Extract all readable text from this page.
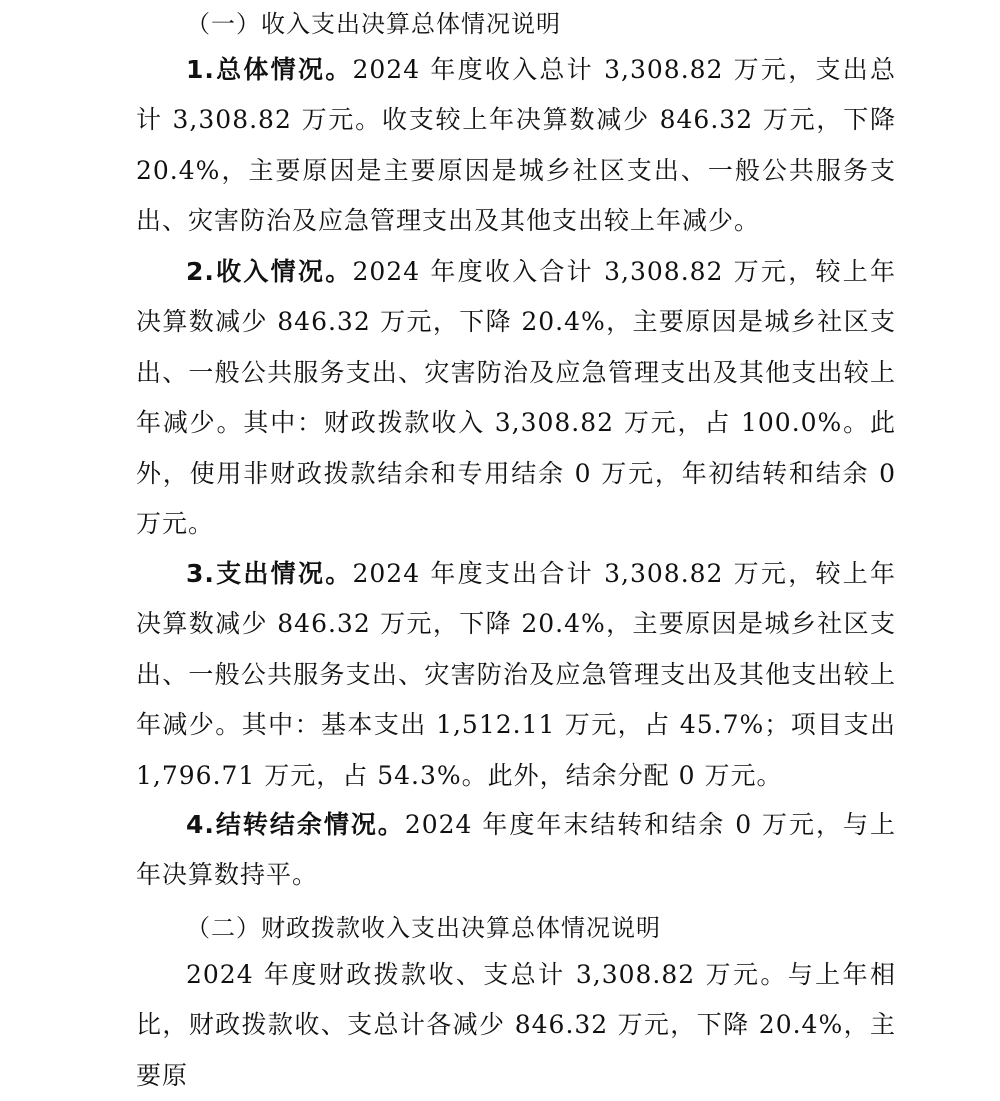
（一）收入支出决算总体情况说明
1.总体情况。2024 年度收入总计 3,308.82 万元，支出总计 3,308.82 万元。收支较上年决算数减少 846.32 万元，下降 20.4%，主要原因是主要原因是城乡社区支出、一般公共服务支出、灾害防治及应急管理支出及其他支出较上年减少。
2.收入情况。2024 年度收入合计 3,308.82 万元，较上年决算数减少 846.32 万元，下降 20.4%，主要原因是城乡社区支出、一般公共服务支出、灾害防治及应急管理支出及其他支出较上年减少。其中：财政拨款收入 3,308.82 万元，占 100.0%。此外，使用非财政拨款结余和专用结余 0 万元，年初结转和结余 0 万元。
3.支出情况。2024 年度支出合计 3,308.82 万元，较上年决算数减少 846.32 万元，下降 20.4%，主要原因是城乡社区支出、一般公共服务支出、灾害防治及应急管理支出及其他支出较上年减少。其中：基本支出 1,512.11 万元，占 45.7%；项目支出 1,796.71 万元，占 54.3%。此外，结余分配 0 万元。
4.结转结余情况。2024 年度年末结转和结余 0 万元，与上年决算数持平。
（二）财政拨款收入支出决算总体情况说明
2024 年度财政拨款收、支总计 3,308.82 万元。与上年相比，财政拨款收、支总计各减少 846.32 万元，下降 20.4%，主要原
